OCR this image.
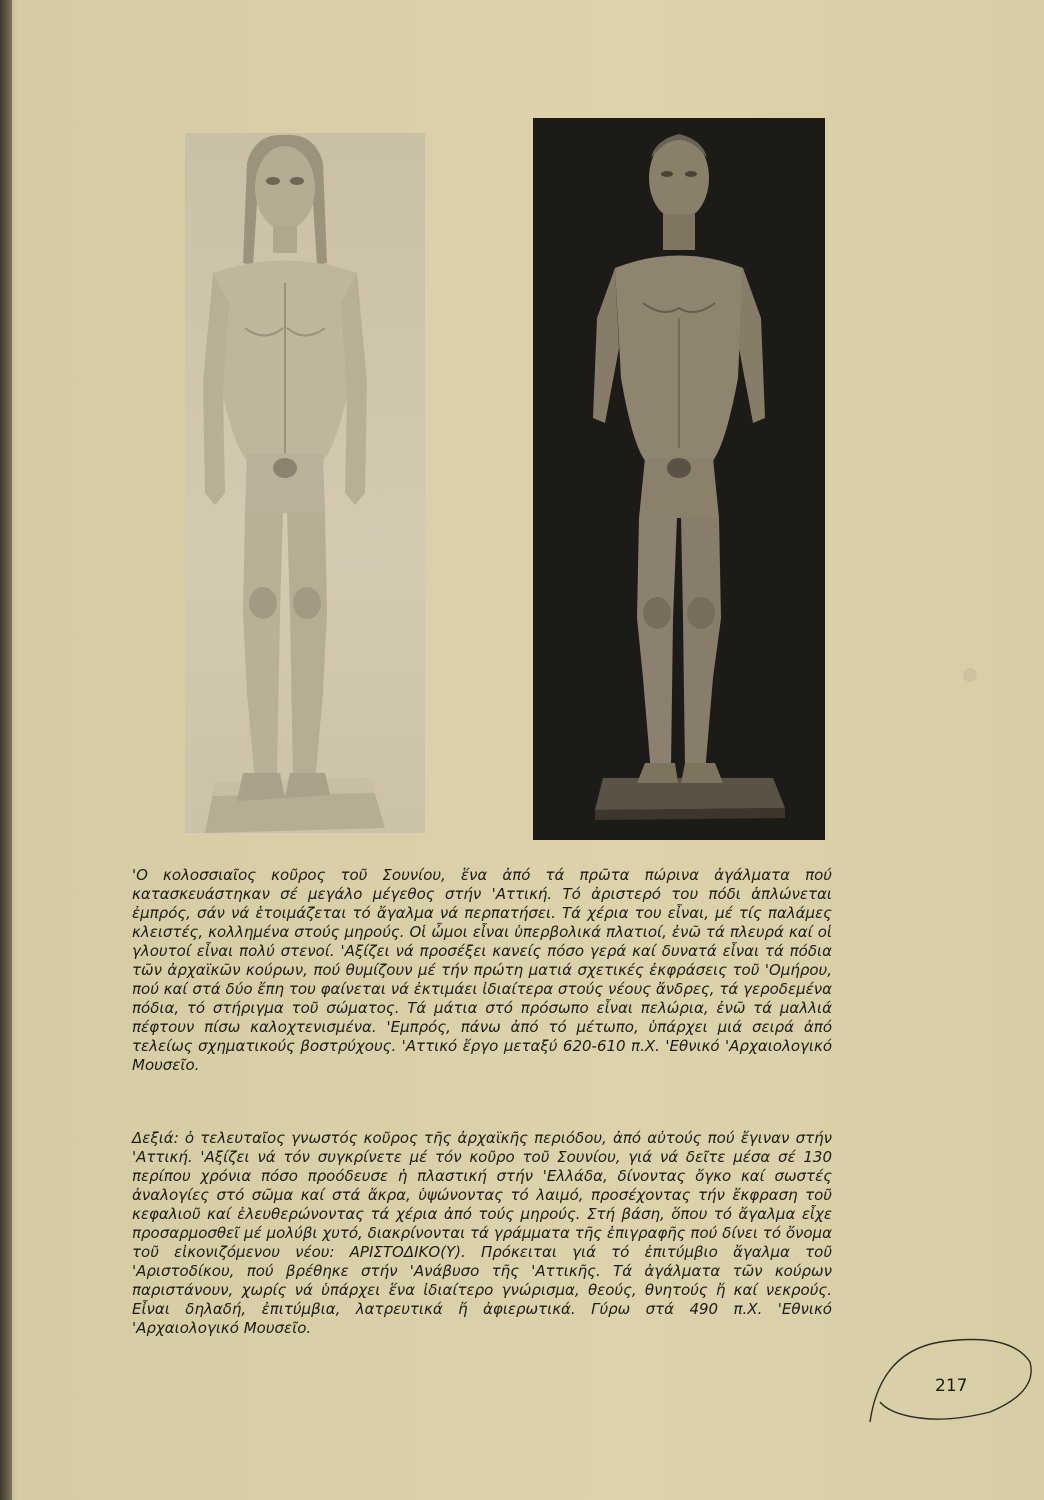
'Ο κολοσσιαῖος κοῦρος τοῦ Σουνίου, ἕνα ἀπό τά πρῶτα πώρινα ἀγάλματα πού κατασκευάστηκαν σέ μεγάλο μέγεθος στήν 'Αττική. Τό ἀριστερό του πόδι ἁπλώνεται ἐμπρός, σάν νά ἑτοιμάζεται τό ἄγαλμα νά περπατήσει. Τά χέρια του εἶναι, μέ τίς παλάμες κλειστές, κολλημένα στούς μηρούς. Οἱ ὦμοι εἶναι ὑπερβολικά πλατιοί, ἐνῶ τά πλευρά καί οἱ γλουτοί εἶναι πολύ στενοί. 'Αξίζει νά προσέξει κανείς πόσο γερά καί δυνατά εἶναι τά πόδια τῶν ἀρχαϊκῶν κούρων, πού θυμίζουν μέ τήν πρώτη ματιά σχετικές ἐκφράσεις τοῦ 'Ομήρου, πού καί στά δύο ἔπη του φαίνεται νά ἐκτιμάει ἰδιαίτερα στούς νέους ἄνδρες, τά γεροδεμένα πόδια, τό στήριγμα τοῦ σώματος. Τά μάτια στό πρόσωπο εἶναι πελώρια, ἐνῶ τά μαλλιά πέφτουν πίσω καλοχτενισμένα. 'Εμπρός, πάνω ἀπό τό μέτωπο, ὑπάρχει μιά σειρά ἀπό τελείως σχηματικούς βοστρύχους. 'Αττικό ἔργο μεταξύ 620-610 π.Χ. 'Εθνικό 'Αρχαιολογικό Μουσεῖο.

Δεξιά: ὁ τελευταῖος γνωστός κοῦρος τῆς ἀρχαϊκῆς περιόδου, ἀπό αὐτούς πού ἔγιναν στήν 'Αττική. 'Αξίζει νά τόν συγκρίνετε μέ τόν κοῦρο τοῦ Σουνίου, γιά νά δεῖτε μέσα σέ 130 περίπου χρόνια πόσο προόδευσε ἡ πλαστική στήν 'Ελλάδα, δίνοντας ὄγκο καί σωστές ἀναλογίες στό σῶμα καί στά ἄκρα, ὑψώνοντας τό λαιμό, προσέχοντας τήν ἔκφραση τοῦ κεφαλιοῦ καί ἐλευθερώνοντας τά χέρια ἀπό τούς μηρούς. Στή βάση, ὅπου τό ἄγαλμα εἶχε προσαρμοσθεῖ μέ μολύβι χυτό, διακρίνονται τά γράμματα τῆς ἐπιγραφῆς πού δίνει τό ὄνομα τοῦ εἰκονιζόμενου νέου: ΑΡΙΣΤΟΔΙΚΟ(Υ). Πρόκειται γιά τό ἐπιτύμβιο ἄγαλμα τοῦ 'Αριστοδίκου, πού βρέθηκε στήν 'Ανάβυσο τῆς 'Αττικῆς. Τά ἀγάλματα τῶν κούρων παριστάνουν, χωρίς νά ὑπάρχει ἕνα ἰδιαίτερο γνώρισμα, θεούς, θνητούς ἤ καί νεκρούς. Εἶναι δηλαδή, ἐπιτύμβια, λατρευτικά ἤ ἀφιερωτικά. Γύρω στά 490 π.Χ. 'Εθνικό 'Αρχαιολογικό Μουσεῖο.

217
